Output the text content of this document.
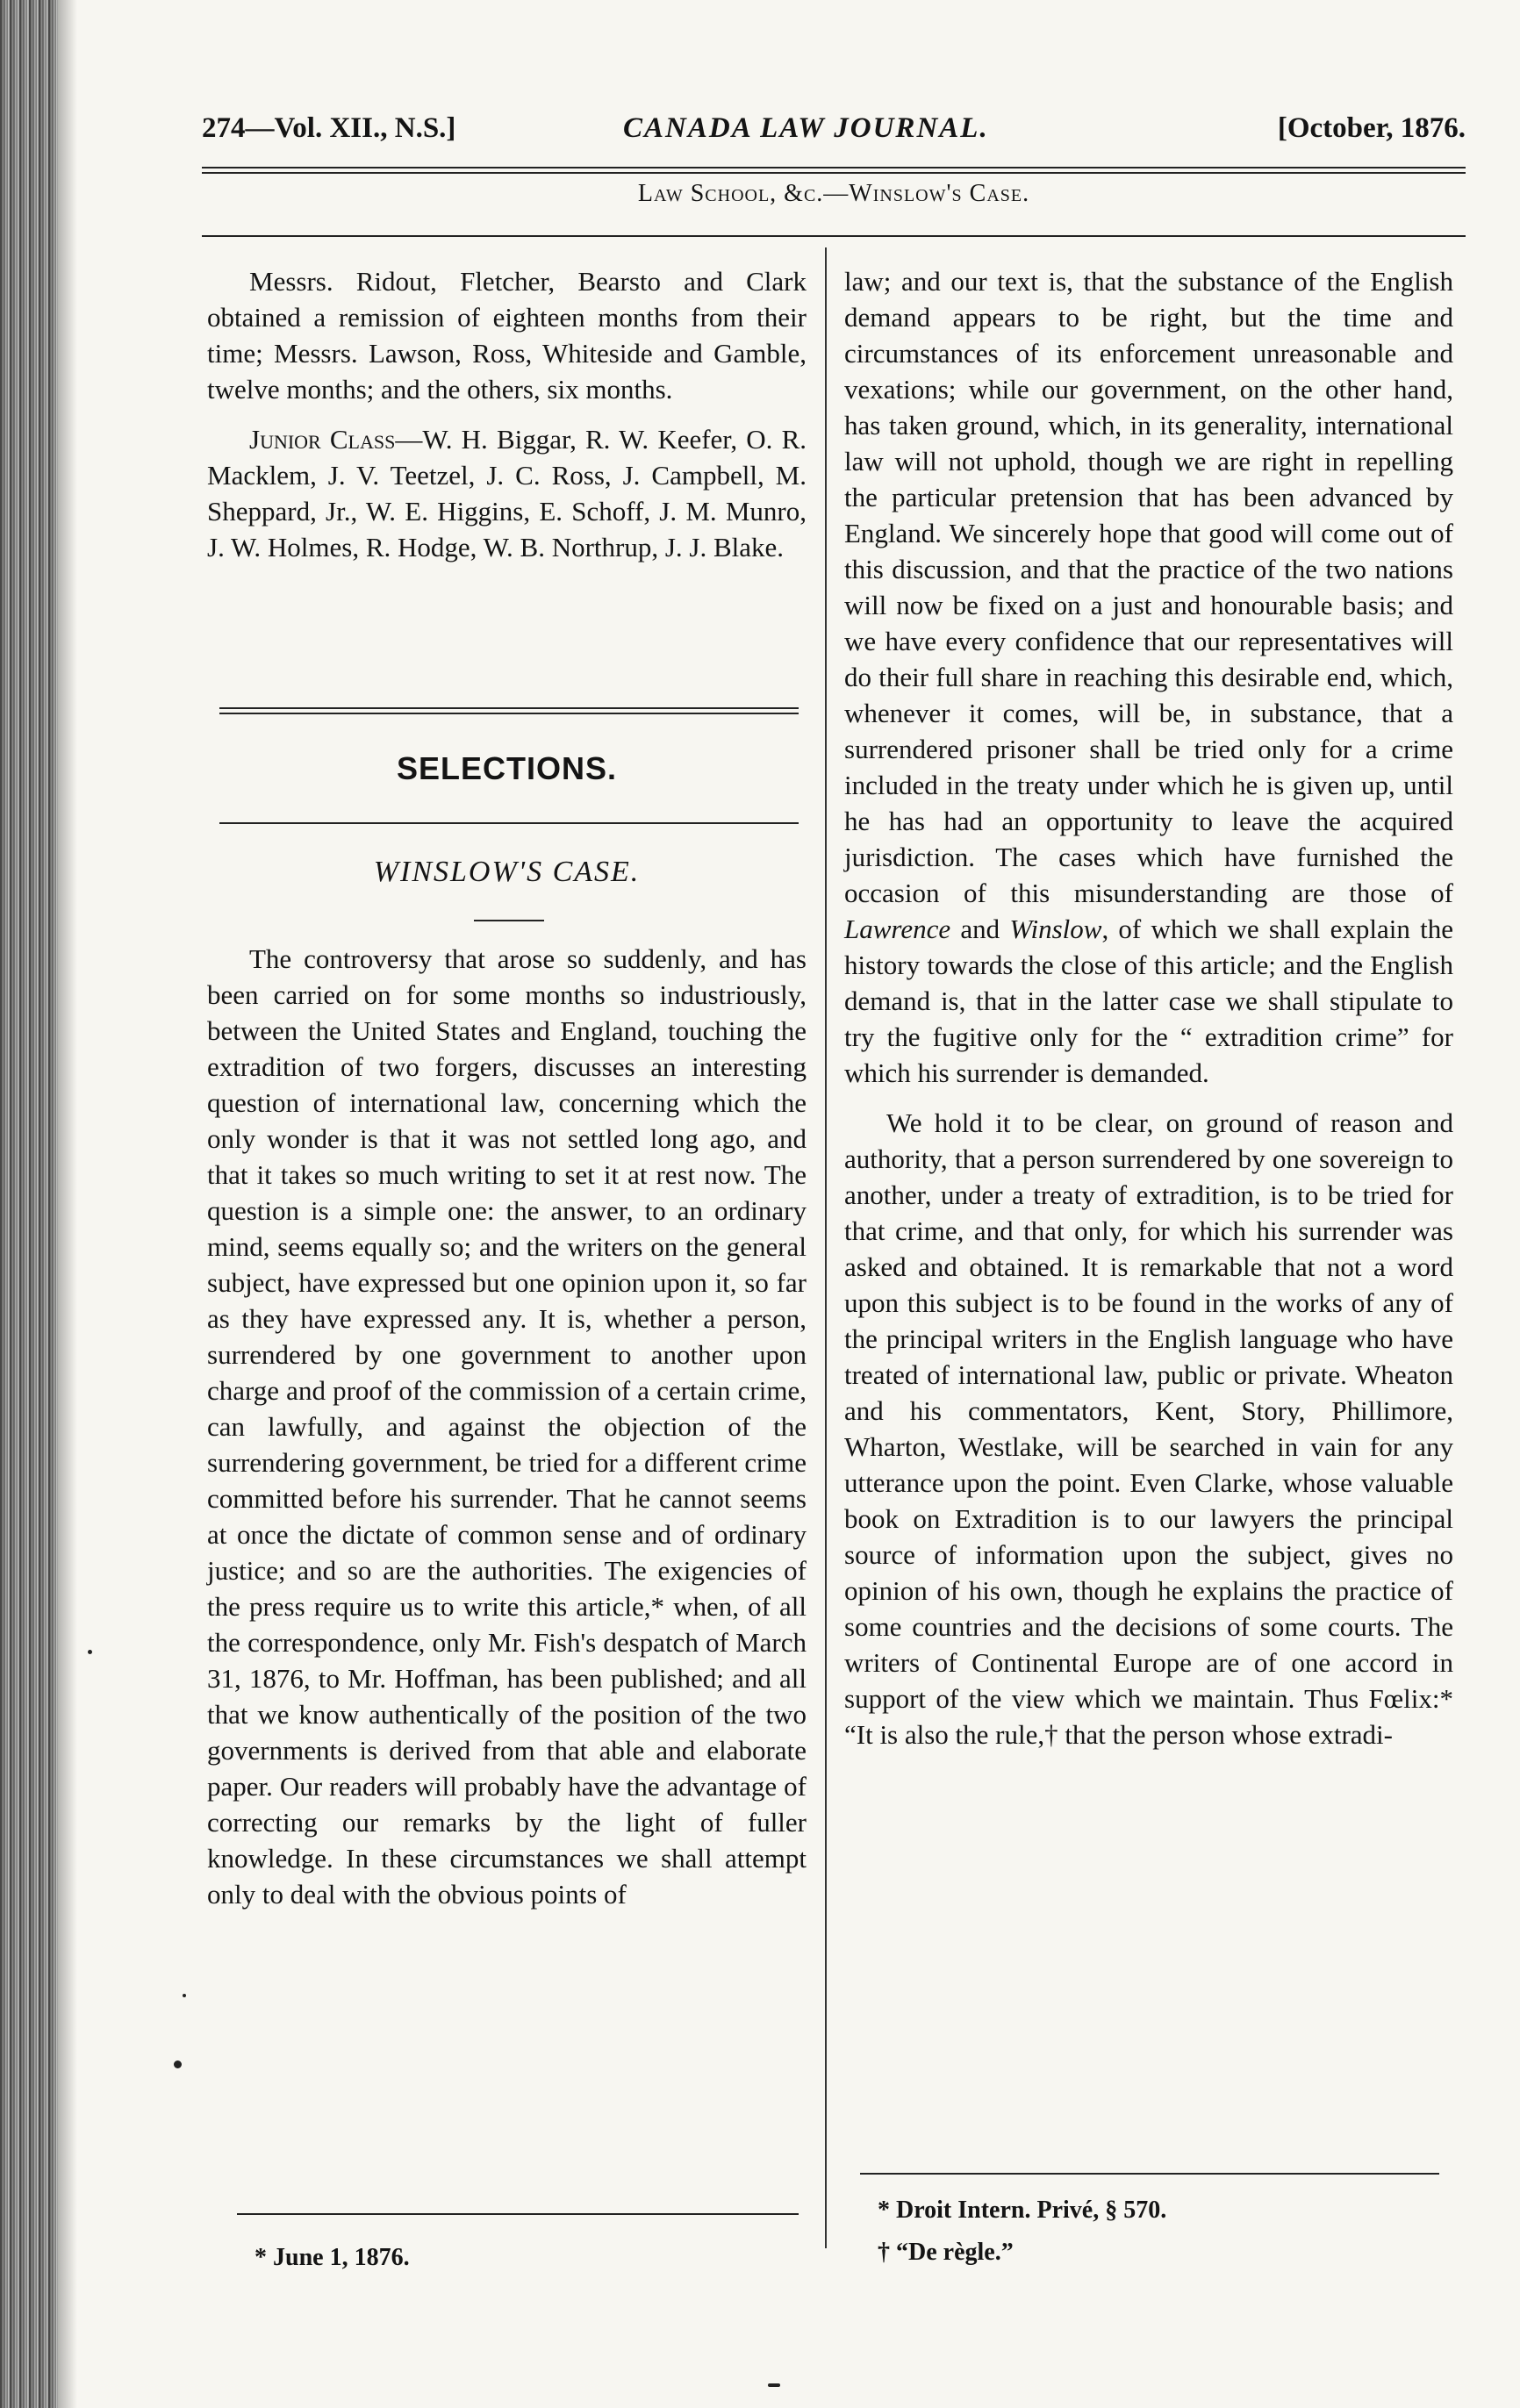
274—Vol. XII., N.S.]	CANADA LAW JOURNAL.	[October, 1876.
Law School, &c.—Winslow's Case.

Messrs. Ridout, Fletcher, Bearsto and Clark obtained a remission of eighteen months from their time; Messrs. Lawson, Ross, Whiteside and Gamble, twelve months; and the others, six months.

Junior Class—W. H. Biggar, R. W. Keefer, O. R. Macklem, J. V. Teetzel, J. C. Ross, J. Campbell, M. Sheppard, Jr., W. E. Higgins, E. Schoff, J. M. Munro, J. W. Holmes, R. Hodge, W. B. Northrup, J. J. Blake.

SELECTIONS.
WINSLOW'S CASE.

The controversy that arose so suddenly, and has been carried on for some months so industriously, between the United States and England, touching the extradition of two forgers, discusses an interesting question of international law, concerning which the only wonder is that it was not settled long ago, and that it takes so much writing to set it at rest now. The question is a simple one: the answer, to an ordinary mind, seems equally so; and the writers on the general subject, have expressed but one opinion upon it, so far as they have expressed any. It is, whether a person, surrendered by one government to another upon charge and proof of the commission of a certain crime, can lawfully, and against the objection of the surrendering government, be tried for a different crime committed before his surrender. That he cannot seems at once the dictate of common sense and of ordinary justice; and so are the authorities. The exigencies of the press require us to write this article,* when, of all the correspondence, only Mr. Fish's despatch of March 31, 1876, to Mr. Hoffman, has been published; and all that we know authentically of the position of the two governments is derived from that able and elaborate paper. Our readers will probably have the advantage of correcting our remarks by the light of fuller knowledge. In these circumstances we shall attempt only to deal with the obvious points of

* June 1, 1876.

law; and our text is, that the substance of the English demand appears to be right, but the time and circumstances of its enforcement unreasonable and vexations; while our government, on the other hand, has taken ground, which, in its generality, international law will not uphold, though we are right in repelling the particular pretension that has been advanced by England. We sincerely hope that good will come out of this discussion, and that the practice of the two nations will now be fixed on a just and honourable basis; and we have every confidence that our representatives will do their full share in reaching this desirable end, which, whenever it comes, will be, in substance, that a surrendered prisoner shall be tried only for a crime included in the treaty under which he is given up, until he has had an opportunity to leave the acquired jurisdiction. The cases which have furnished the occasion of this misunderstanding are those of Lawrence and Winslow, of which we shall explain the history towards the close of this article; and the English demand is, that in the latter case we shall stipulate to try the fugitive only for the “ extradition crime” for which his surrender is demanded.

We hold it to be clear, on ground of reason and authority, that a person surrendered by one sovereign to another, under a treaty of extradition, is to be tried for that crime, and that only, for which his surrender was asked and obtained. It is remarkable that not a word upon this subject is to be found in the works of any of the principal writers in the English language who have treated of international law, public or private. Wheaton and his commentators, Kent, Story, Phillimore, Wharton, Westlake, will be searched in vain for any utterance upon the point. Even Clarke, whose valuable book on Extradition is to our lawyers the principal source of information upon the subject, gives no opinion of his own, though he explains the practice of some countries and the decisions of some courts. The writers of Continental Europe are of one accord in support of the view which we maintain. Thus Fœlix:* “It is also the rule,† that the person whose extradi-

* Droit Intern. Privé, § 570.
† “De règle.”
